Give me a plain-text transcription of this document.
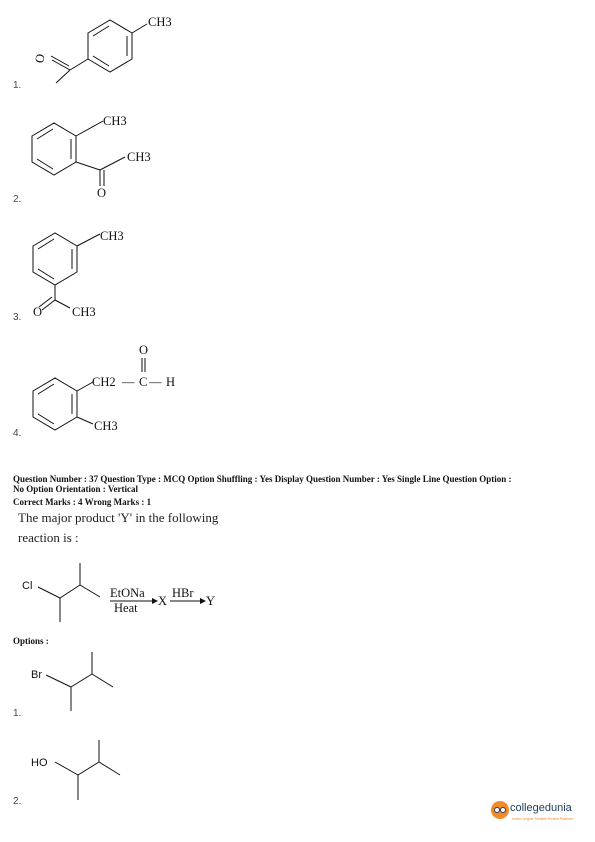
CH3
O
1.
CH3
CH3
O
2.
CH3
CH3
O
3.
O
CH2 — C — H
CH3
4.
Question Number : 37 Question Type : MCQ Option Shuffling : Yes Display Question Number : Yes Single Line Question Option :
No Option Orientation : Vertical
Correct Marks : 4 Wrong Marks : 1
The major product 'Y' in the following
reaction is :
Cl	EtONa
Heat X
HBr
Y
Options :
Br
1.
HO
2.
collegedunia
India's largest Student Review Platform
